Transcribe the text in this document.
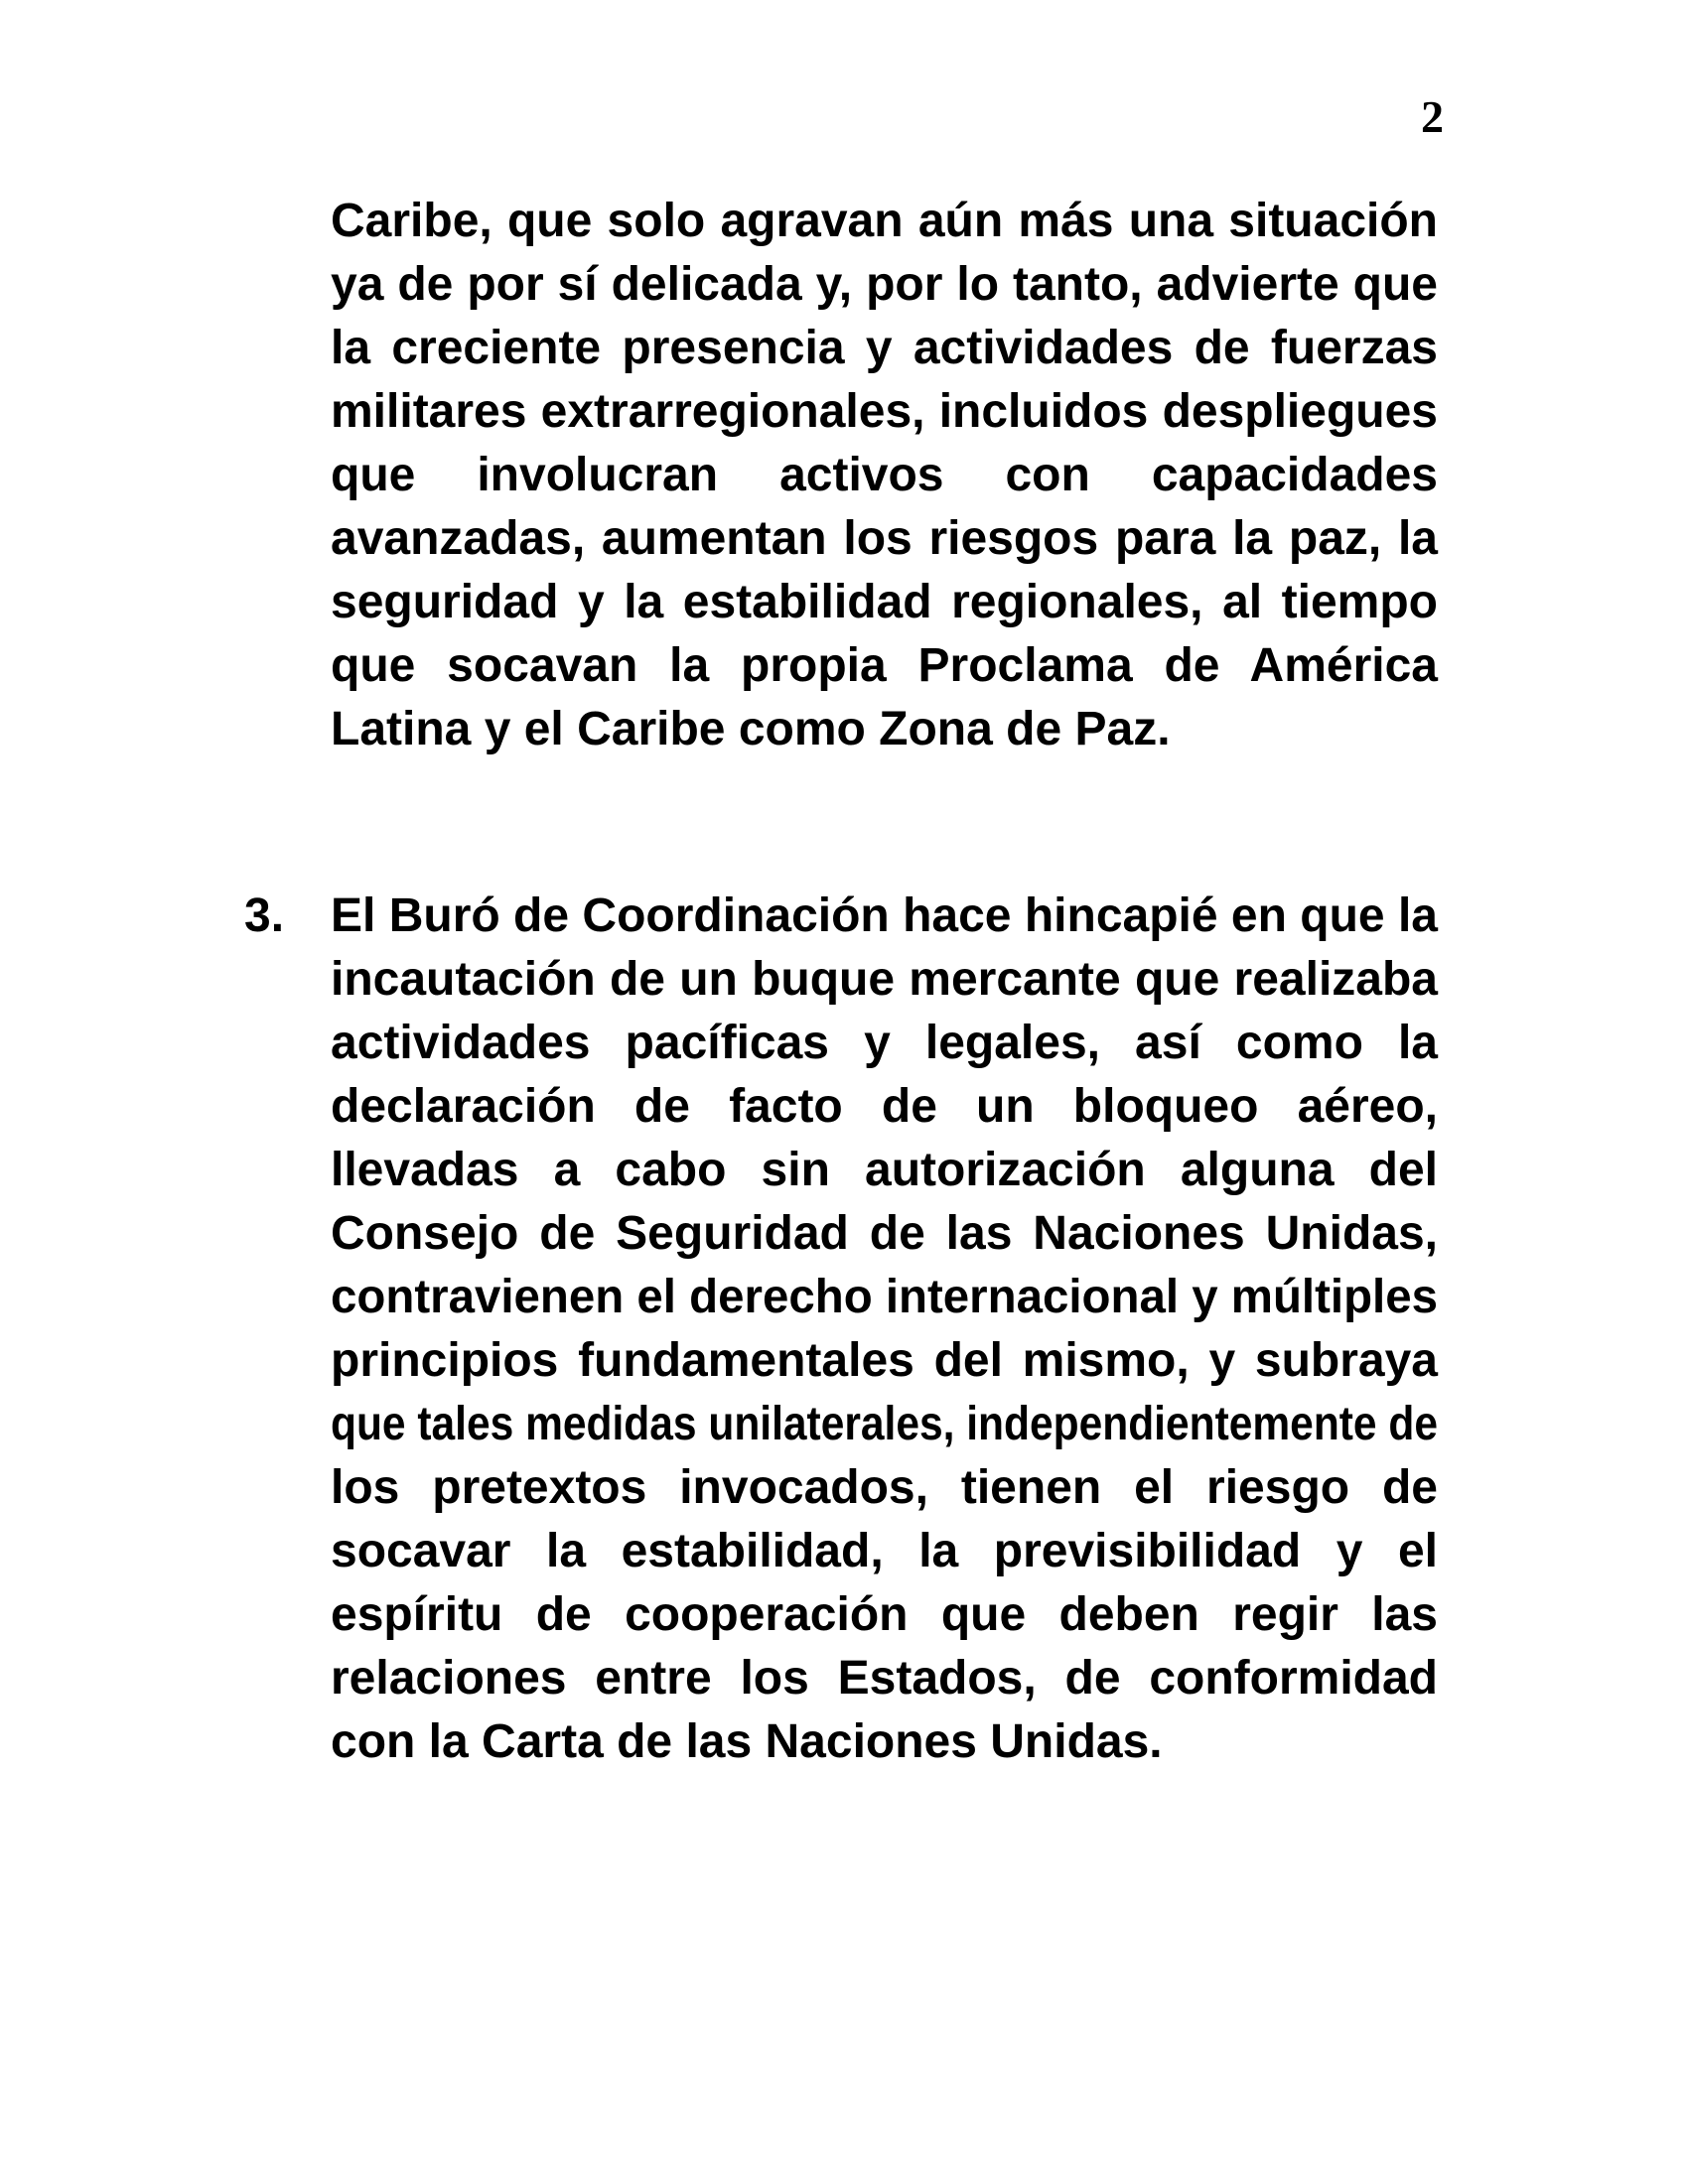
2
3.
Caribe, que solo agravan aún más una situación
ya de por sí delicada y, por lo tanto, advierte que
la creciente presencia y actividades de fuerzas
militares extrarregionales, incluidos despliegues
que involucran activos con capacidades
avanzadas, aumentan los riesgos para la paz, la
seguridad y la estabilidad regionales, al tiempo
que socavan la propia Proclama de América
Latina y el Caribe como Zona de Paz.
El Buró de Coordinación hace hincapié en que la
incautación de un buque mercante que realizaba
actividades pacíficas y legales, así como la
declaración de facto de un bloqueo aéreo,
llevadas a cabo sin autorización alguna del
Consejo de Seguridad de las Naciones Unidas,
contravienen el derecho internacional y múltiples
principios fundamentales del mismo, y subraya
que tales medidas unilaterales, independientemente de
los pretextos invocados, tienen el riesgo de
socavar la estabilidad, la previsibilidad y el
espíritu de cooperación que deben regir las
relaciones entre los Estados, de conformidad
con la Carta de las Naciones Unidas.
